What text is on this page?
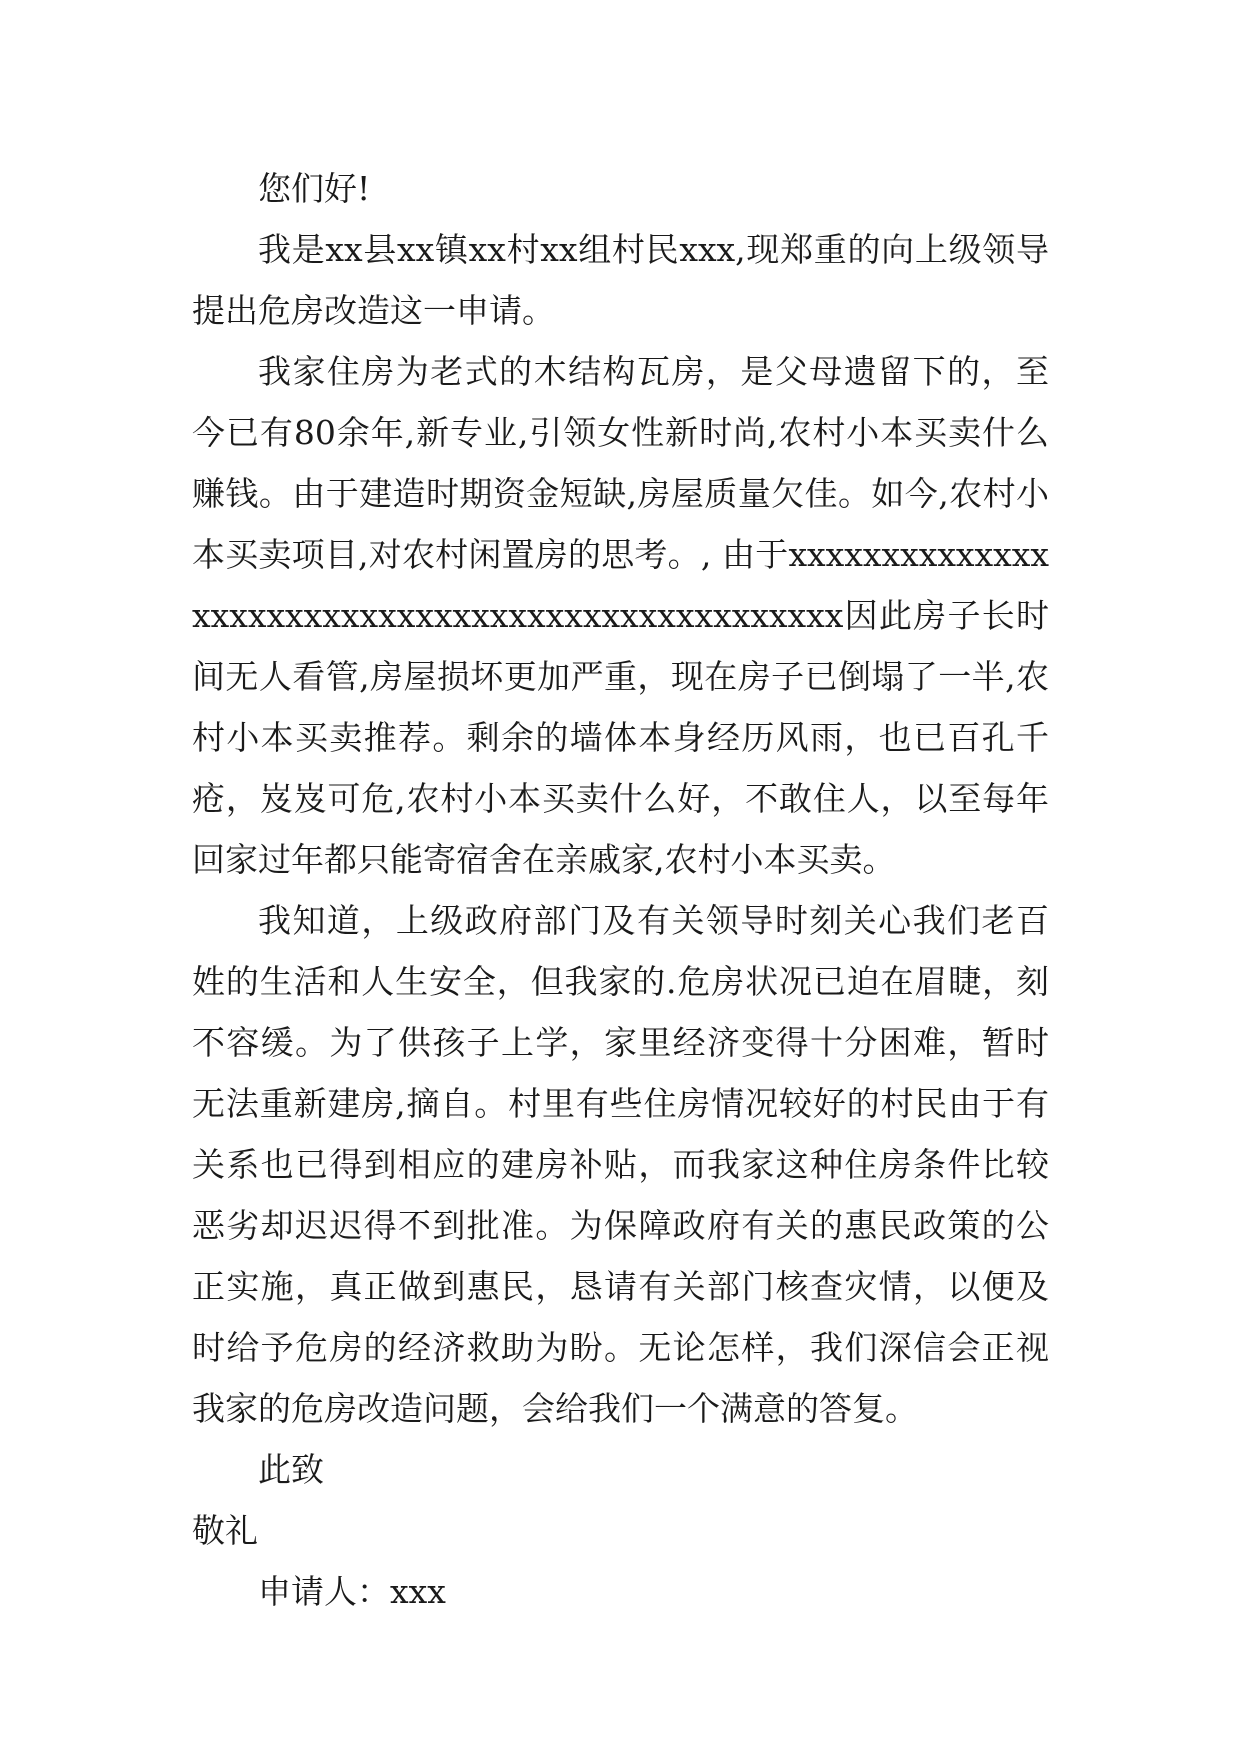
您们好!

我是xx县xx镇xx村xx组村民xxx,现郑重的向上级领导提出危房改造这一申请。

我家住房为老式的木结构瓦房，是父母遗留下的，至今已有80余年,新专业,引领女性新时尚,农村小本买卖什么赚钱。由于建造时期资金短缺,房屋质量欠佳。如今,农村小本买卖项目,对农村闲置房的思考。, 由于xxxxxxxxxxxxxxxxxxxxxxxxxxxxxxxxxxxxxxxxxxxxxxxxx因此房子长时间无人看管,房屋损坏更加严重，现在房子已倒塌了一半,农村小本买卖推荐。剩余的墙体本身经历风雨，也已百孔千疮，岌岌可危,农村小本买卖什么好，不敢住人，以至每年回家过年都只能寄宿舍在亲戚家,农村小本买卖。

我知道，上级政府部门及有关领导时刻关心我们老百姓的生活和人生安全，但我家的.危房状况已迫在眉睫，刻不容缓。为了供孩子上学，家里经济变得十分困难，暂时无法重新建房,摘自。村里有些住房情况较好的村民由于有关系也已得到相应的建房补贴，而我家这种住房条件比较恶劣却迟迟得不到批准。为保障政府有关的惠民政策的公正实施，真正做到惠民，恳请有关部门核查灾情，以便及时给予危房的经济救助为盼。无论怎样，我们深信会正视我家的危房改造问题，会给我们一个满意的答复。

此致

敬礼

申请人：xxx
